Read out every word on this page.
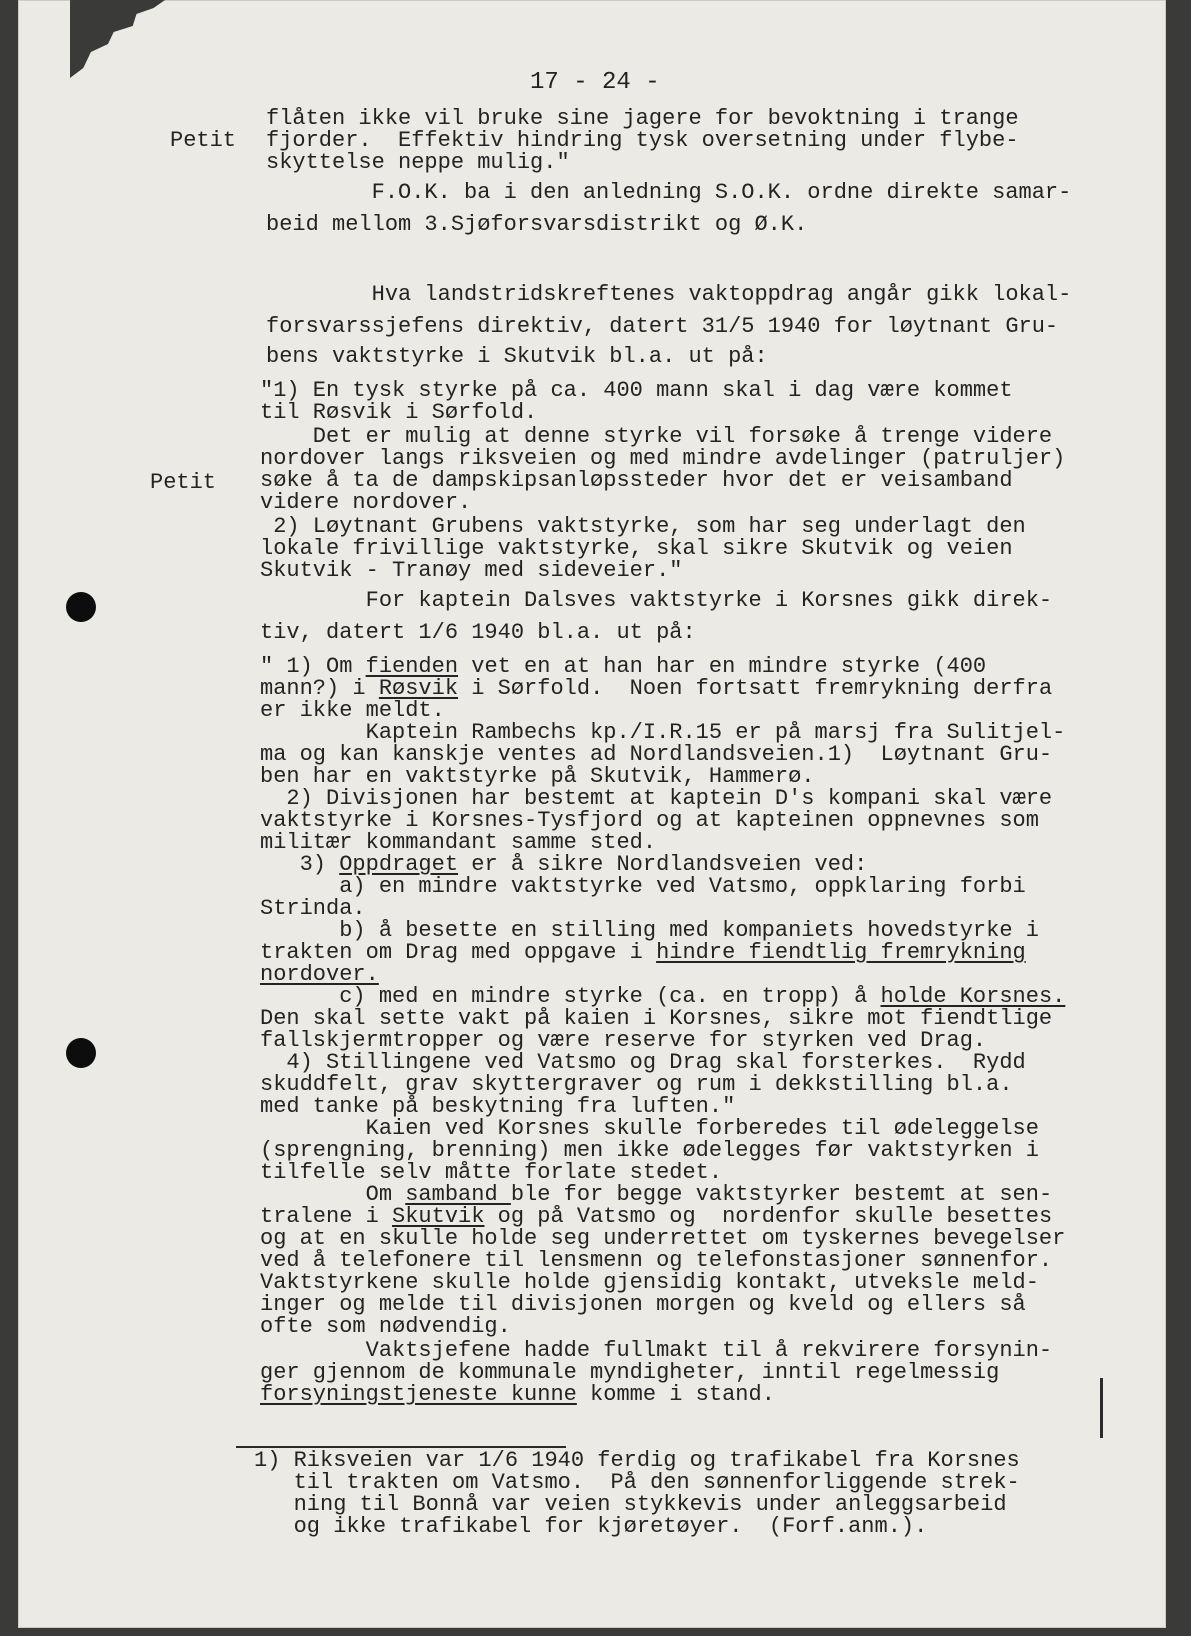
17 - 24 -
Petit
Petit
flåten ikke vil bruke sine jagere for bevoktning i trange
fjorder.  Effektiv hindring tysk oversetning under flybe-
skyttelse neppe mulig."
F.O.K. ba i den anledning S.O.K. ordne direkte samar-
beid mellom 3.Sjøforsvarsdistrikt og Ø.K.
Hva landstridskreftenes vaktoppdrag angår gikk lokal-
forsvarssjefens direktiv, datert 31/5 1940 for løytnant Gru-
bens vaktstyrke i Skutvik bl.a. ut på:
"1) En tysk styrke på ca. 400 mann skal i dag være kommet
til Røsvik i Sørfold.
Det er mulig at denne styrke vil forsøke å trenge videre
nordover langs riksveien og med mindre avdelinger (patruljer)
søke å ta de dampskipsanløpssteder hvor det er veisamband
videre nordover.
2) Løytnant Grubens vaktstyrke, som har seg underlagt den
lokale frivillige vaktstyrke, skal sikre Skutvik og veien
Skutvik - Tranøy med sideveier."
For kaptein Dalsves vaktstyrke i Korsnes gikk direk-
tiv, datert 1/6 1940 bl.a. ut på:
" 1) Om fienden vet en at han har en mindre styrke (400
mann?) i Røsvik i Sørfold.  Noen fortsatt fremrykning derfra
er ikke meldt.
Kaptein Rambechs kp./I.R.15 er på marsj fra Sulitjel-
ma og kan kanskje ventes ad Nordlandsveien.1)  Løytnant Gru-
ben har en vaktstyrke på Skutvik, Hammerø.
2) Divisjonen har bestemt at kaptein D's kompani skal være
vaktstyrke i Korsnes-Tysfjord og at kapteinen oppnevnes som
militær kommandant samme sted.
3) Oppdraget er å sikre Nordlandsveien ved:
a) en mindre vaktstyrke ved Vatsmo, oppklaring forbi
Strinda.
b) å besette en stilling med kompaniets hovedstyrke i
trakten om Drag med oppgave i hindre fiendtlig fremrykning
nordover.
c) med en mindre styrke (ca. en tropp) å holde Korsnes.
Den skal sette vakt på kaien i Korsnes, sikre mot fiendtlige
fallskjermtropper og være reserve for styrken ved Drag.
4) Stillingene ved Vatsmo og Drag skal forsterkes.  Rydd
skuddfelt, grav skyttergraver og rum i dekkstilling bl.a.
med tanke på beskytning fra luften."
Kaien ved Korsnes skulle forberedes til ødeleggelse
(sprengning, brenning) men ikke ødelegges før vaktstyrken i
tilfelle selv måtte forlate stedet.
Om samband ble for begge vaktstyrker bestemt at sen-
tralene i Skutvik og på Vatsmo og  nordenfor skulle besettes
og at en skulle holde seg underrettet om tyskernes bevegelser
ved å telefonere til lensmenn og telefonstasjoner sønnenfor.
Vaktstyrkene skulle holde gjensidig kontakt, utveksle meld-
inger og melde til divisjonen morgen og kveld og ellers så
ofte som nødvendig.
Vaktsjefene hadde fullmakt til å rekvirere forsynin-
ger gjennom de kommunale myndigheter, inntil regelmessig
forsyningstjeneste kunne komme i stand.
1) Riksveien var 1/6 1940 ferdig og trafikabel fra Korsnes
til trakten om Vatsmo.  På den sønnenforliggende strek-
ning til Bonnå var veien stykkevis under anleggsarbeid
og ikke trafikabel for kjøretøyer.  (Forf.anm.).
